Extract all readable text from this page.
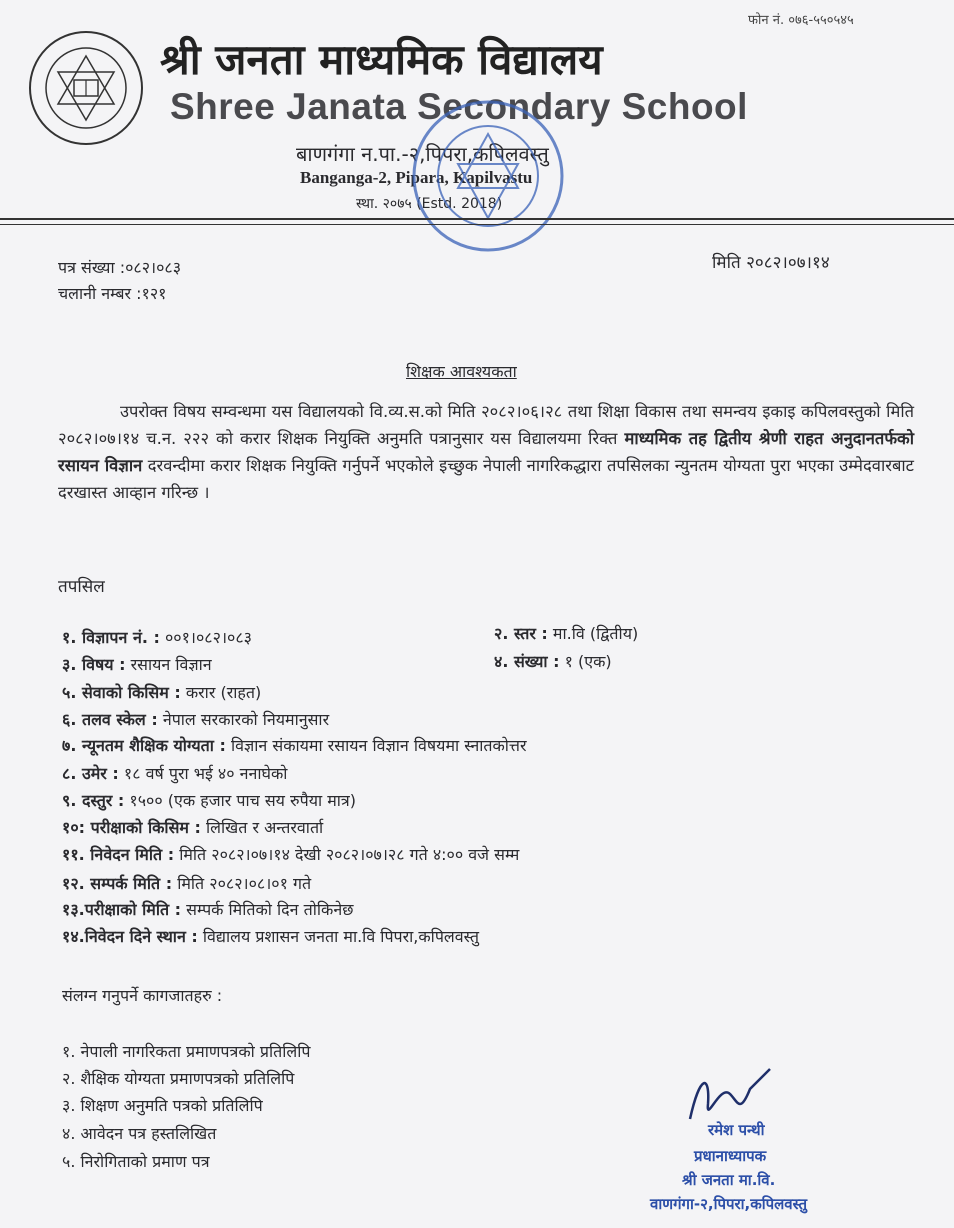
फोन नं. ०७६-५५०५४५
श्री जनता माध्यमिक विद्यालय
Shree Janata Secondary School
बाणगंगा न.पा.-२,पिपरा,कपिलवस्तु
Banganga-2, Pipara, Kapilvastu
स्था. २०७५ (Estd. 2018)
पत्र संख्या :०८२।०८३
चलानी नम्बर :१२१
मिति २०८२।०७।१४
शिक्षक आवश्यकता
उपरोक्त विषय सम्वन्धमा यस विद्यालयको वि.व्य.स.को मिति २०८२।०६।२८ तथा शिक्षा विकास तथा समन्वय इकाइ कपिलवस्तुको मिति २०८२।०७।१४ च.न. २२२ को करार शिक्षक नियुक्ति अनुमति पत्रानुसार यस विद्यालयमा रिक्त माध्यमिक तह द्वितीय श्रेणी राहत अनुदानतर्फको रसायन विज्ञान दरवन्दीमा करार शिक्षक नियुक्ति गर्नुपर्ने भएकोले इच्छुक नेपाली नागरिकद्धारा तपसिलका न्युनतम योग्यता पुरा भएका उम्मेदवारबाट दरखास्त आव्हान गरिन्छ ।
तपसिल
१. विज्ञापन नं. : ००१।०८२।०८३	२. स्तर : मा.वि (द्वितीय)
३. विषय : रसायन विज्ञान	४. संख्या : १ (एक)
५. सेवाको किसिम : करार (राहत)
६. तलव स्केल : नेपाल सरकारको नियमानुसार
७. न्यूनतम शैक्षिक योग्यता : विज्ञान संकायमा रसायन विज्ञान विषयमा स्नातकोत्तर
८. उमेर : १८ वर्ष पुरा भई ४० ननाघेको
९. दस्तुर : १५०० (एक हजार पाच सय रुपैया मात्र)
१०: परीक्षाको किसिम : लिखित र अन्तरवार्ता
११. निवेदन मिति : मिति २०८२।०७।१४ देखी २०८२।०७।२८ गते ४:०० वजे सम्म
१२. सम्पर्क मिति : मिति २०८२।०८।०१ गते
१३.परीक्षाको मिति : सम्पर्क मितिको दिन तोकिनेछ
१४.निवेदन दिने स्थान : विद्यालय प्रशासन जनता मा.वि पिपरा,कपिलवस्तु
संलग्न गनुपर्ने कागजातहरु :
१. नेपाली नागरिकता प्रमाणपत्रको प्रतिलिपि
२. शैक्षिक योग्यता प्रमाणपत्रको प्रतिलिपि
३. शिक्षण अनुमति पत्रको प्रतिलिपि
४. आवेदन पत्र हस्तलिखित
५. निरोगिताको प्रमाण पत्र
रमेश पन्थी
प्रधानाध्यापक
श्री जनता मा.वि.
वाणगंगा-२,पिपरा,कपिलवस्तु
